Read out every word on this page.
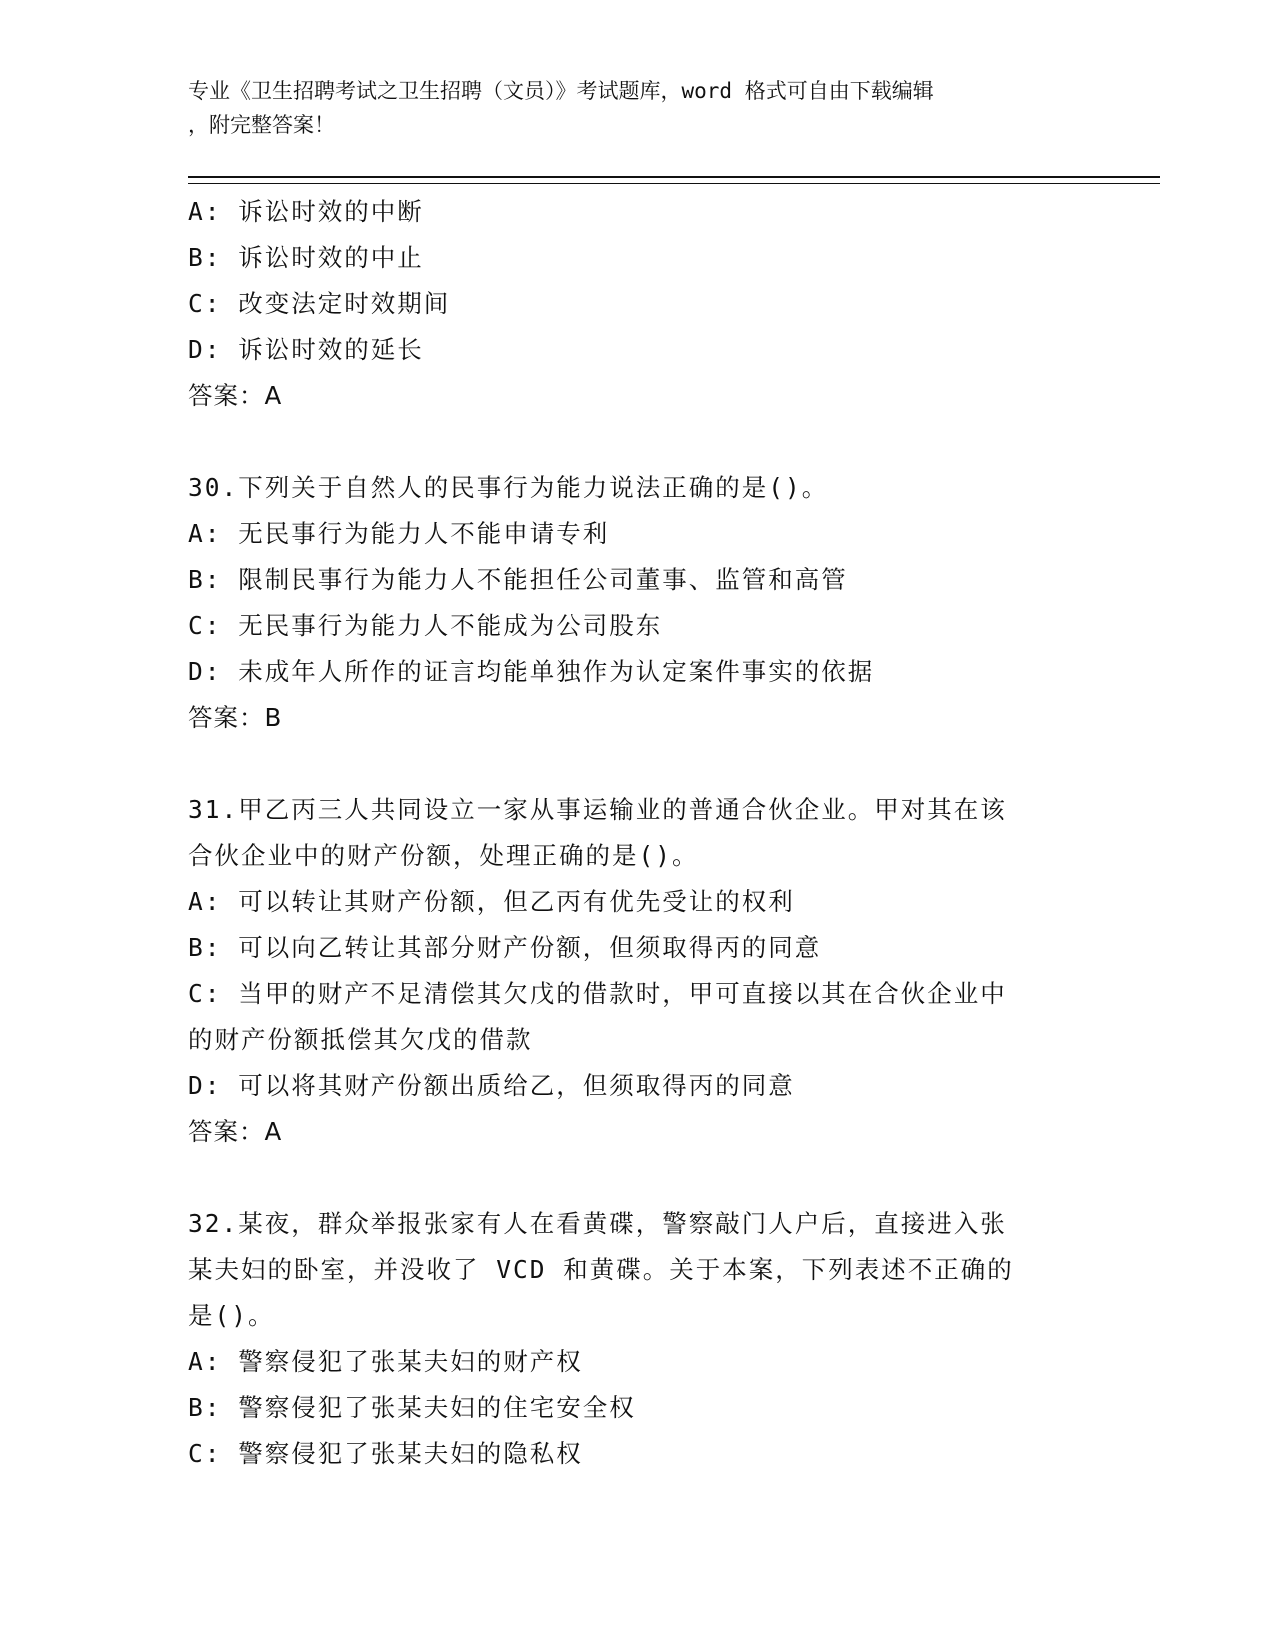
专业《卫生招聘考试之卫生招聘（文员）》考试题库，word 格式可自由下载编辑
，附完整答案！
A: 诉讼时效的中断
B: 诉讼时效的中止
C: 改变法定时效期间
D: 诉讼时效的延长
答案：A
30.下列关于自然人的民事行为能力说法正确的是()。
A: 无民事行为能力人不能申请专利
B: 限制民事行为能力人不能担任公司董事、监管和高管
C: 无民事行为能力人不能成为公司股东
D: 未成年人所作的证言均能单独作为认定案件事实的依据
答案：B
31.甲乙丙三人共同设立一家从事运输业的普通合伙企业。甲对其在该
合伙企业中的财产份额，处理正确的是()。
A: 可以转让其财产份额，但乙丙有优先受让的权利
B: 可以向乙转让其部分财产份额，但须取得丙的同意
C: 当甲的财产不足清偿其欠戊的借款时，甲可直接以其在合伙企业中
的财产份额抵偿其欠戊的借款
D: 可以将其财产份额出质给乙，但须取得丙的同意
答案：A
32.某夜，群众举报张家有人在看黄碟，警察敲门人户后，直接进入张
某夫妇的卧室，并没收了 VCD 和黄碟。关于本案，下列表述不正确的
是()。
A: 警察侵犯了张某夫妇的财产权
B: 警察侵犯了张某夫妇的住宅安全权
C: 警察侵犯了张某夫妇的隐私权
